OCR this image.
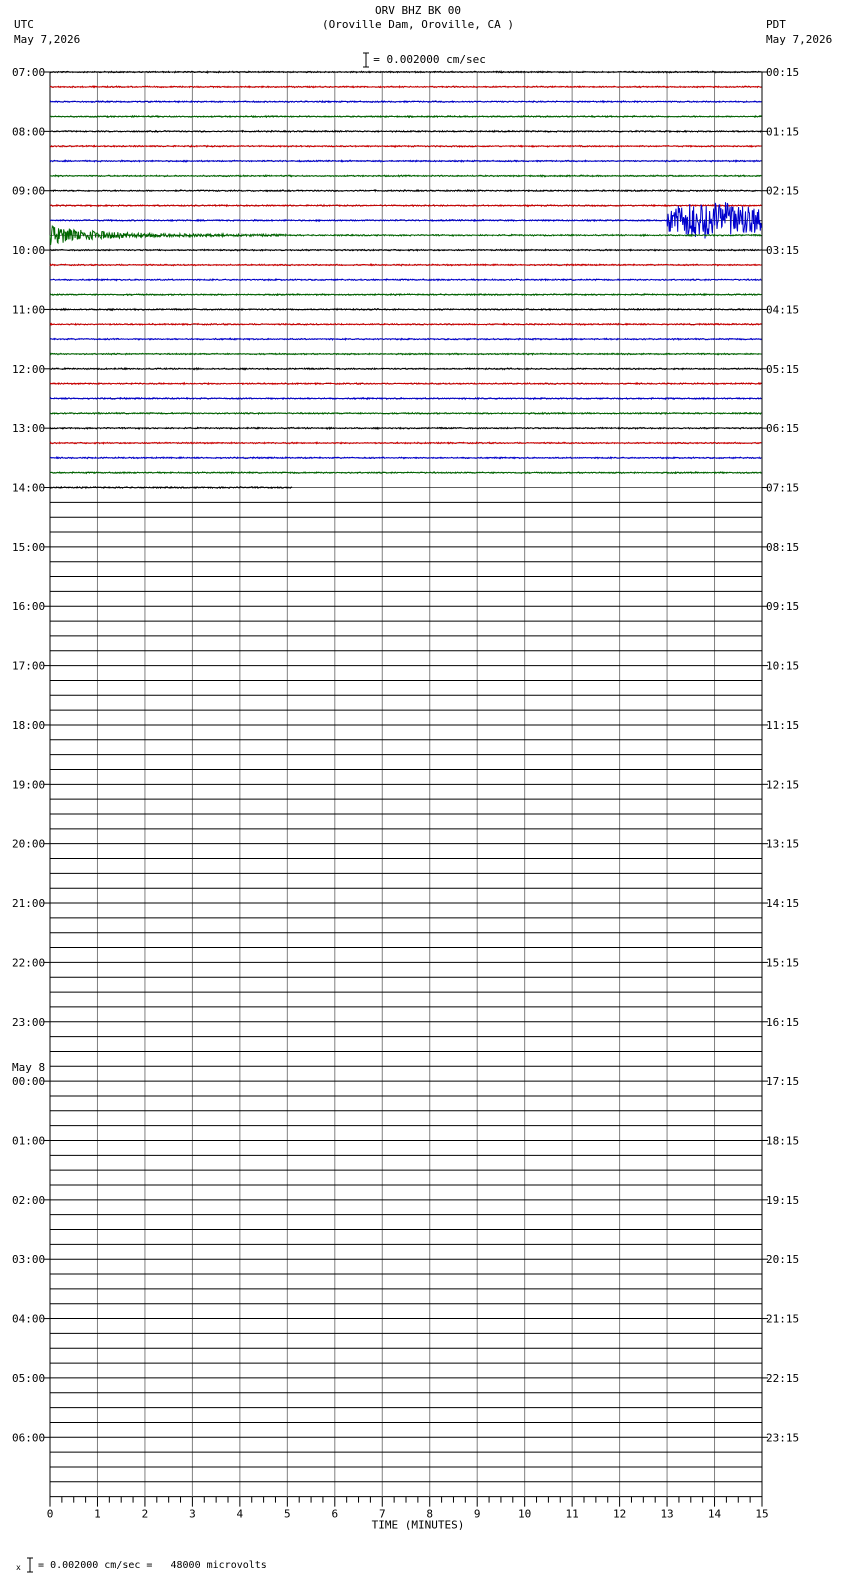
ORV BHZ BK 00
(Oroville Dam, Oroville, CA )
UTC
May 7,2026
PDT
May 7,2026

= 0.002000 cm/sec

07:00
08:00
09:00
10:00
11:00
12:00
13:00
14:00
15:00
16:00
17:00
18:00
19:00
20:00
21:00
22:00
23:00
00:00
01:00
02:00
03:00
04:00
05:00
06:00
May 8
00:15
01:15
02:15
03:15
04:15
05:15
06:15
07:15
08:15
09:15
10:15
11:15
12:15
13:15
14:15
15:15
16:15
17:15
18:15
19:15
20:15
21:15
22:15
23:15
0	1	2	3	4	5	6	7	8	9	10	11	12	13	14	15
TIME (MINUTES)

x = 0.002000 cm/sec =   48000 microvolts
